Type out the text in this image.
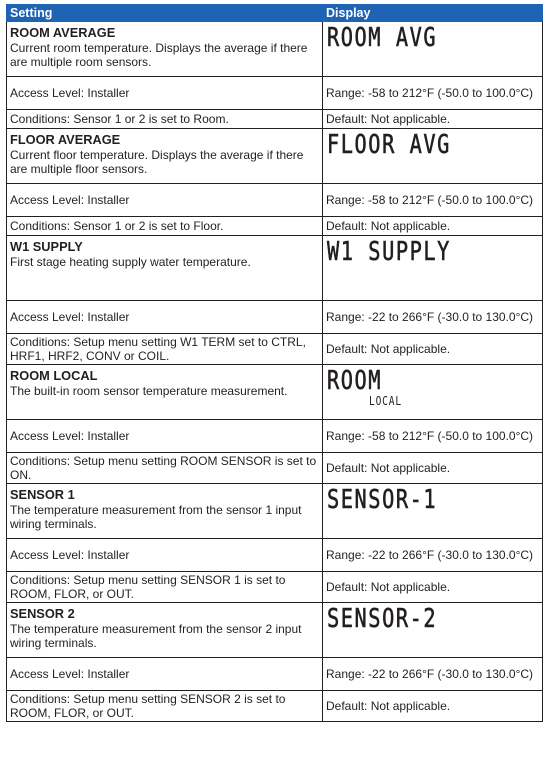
Setting	Display

ROOM AVERAGE
Current room temperature. Displays the average if there are multiple room sensors.	ROOM AVG

Access Level: Installer	Range: -58 to 212°F (-50.0 to 100.0°C)
Conditions: Sensor 1 or 2 is set to Room.	Default: Not applicable.

FLOOR AVERAGE
Current floor temperature. Displays the average if there are multiple floor sensors.	FLOOR AVG

Access Level: Installer	Range: -58 to 212°F (-50.0 to 100.0°C)
Conditions: Sensor 1 or 2 is set to Floor.	Default: Not applicable.

W1 SUPPLY
First stage heating supply water temperature.	W1 SUPPLY

Access Level: Installer	Range: -22 to 266°F (-30.0 to 130.0°C)
Conditions: Setup menu setting W1 TERM set to CTRL, HRF1, HRF2, CONV or COIL.	Default: Not applicable.

ROOM LOCAL
The built-in room sensor temperature measurement.	ROOM
LOCAL

Access Level: Installer	Range: -58 to 212°F (-50.0 to 100.0°C)
Conditions: Setup menu setting ROOM SENSOR is set to ON.	Default: Not applicable.

SENSOR 1
The temperature measurement from the sensor 1 input wiring terminals.	SENSOR-1

Access Level: Installer	Range: -22 to 266°F (-30.0 to 130.0°C)
Conditions: Setup menu setting SENSOR 1 is set to ROOM, FLOR, or OUT.	Default: Not applicable.

SENSOR 2
The temperature measurement from the sensor 2 input wiring terminals.	SENSOR-2

Access Level: Installer	Range: -22 to 266°F (-30.0 to 130.0°C)
Conditions: Setup menu setting SENSOR 2 is set to ROOM, FLOR, or OUT.	Default: Not applicable.
